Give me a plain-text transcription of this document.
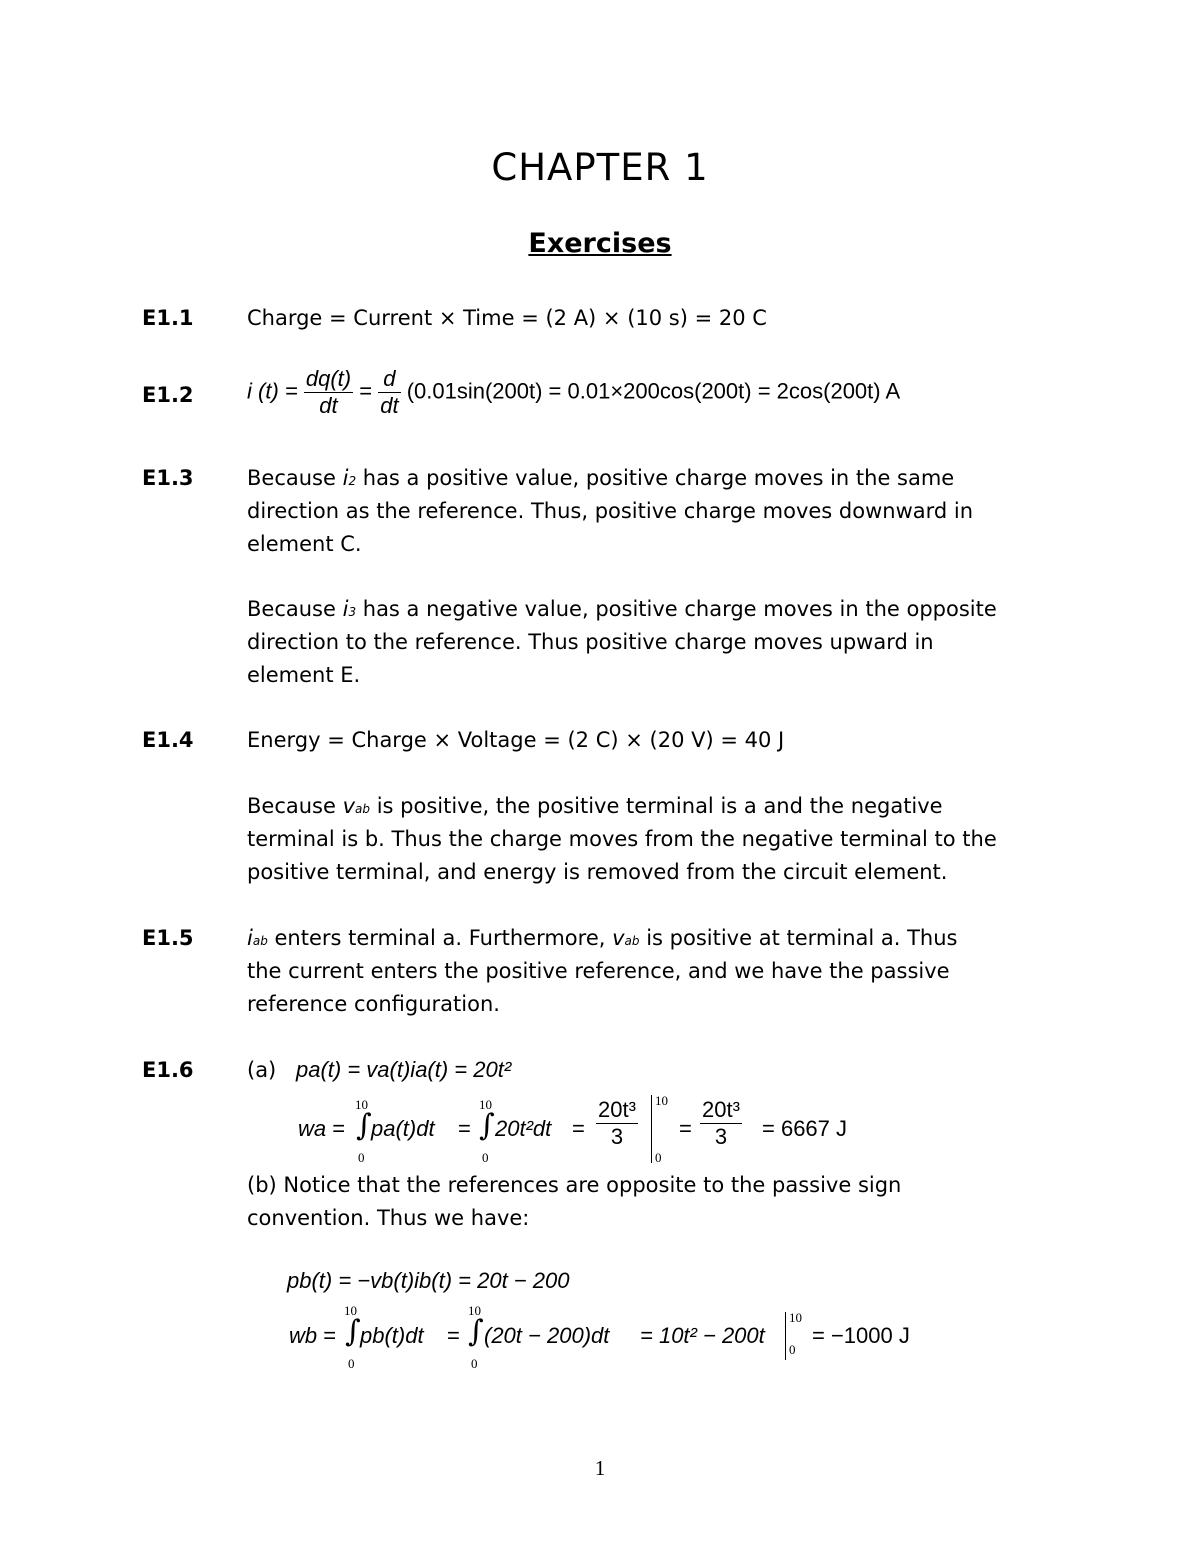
CHAPTER 1
Exercises
E1.1
E1.2
E1.3
E1.4
E1.5
E1.6
Charge = Current × Time = (2 A) × (10 s) = 20 C
i $(t) = \frac{dq(t)}{dt} = \frac{d}{dt} (0.01\sin(200t) = 0.01\times 200\cos(200t) = 2\cos(200t)$ A
Because i2 has a positive value, positive charge moves in the same
direction as the reference. Thus, positive charge moves downward in
element C.
Because i3 has a negative value, positive charge moves in the opposite
direction to the reference. Thus positive charge moves upward in
element E.
Energy = Charge × Voltage = (2 C) × (20 V) = 40 J
Because vab is positive, the positive terminal is a and the negative
terminal is b. Thus the charge moves from the negative terminal to the
positive terminal, and energy is removed from the circuit element.
iab enters terminal a. Furthermore, vab is positive at terminal a. Thus
the current enters the positive reference, and we have the passive
reference configuration.
(a) pa(t) = va(t)ia(t) = 20t²
wa =
10
∫
0
pa(t)dt =
10
∫
0
$20t^2dt = \frac{\text{20t³}}{3} 10$
0
= $\frac{\text{20t³}}{3} = 6667$ J
(b) Notice that the references are opposite to the passive sign
convention. Thus we have:
pb(t) = −vb(t)ib(t) = 20t − 200
wb =
10
∫
0
pb(t)dt =
10
∫
0
(20t − 200)dt = 10t² − 200t
10
0
= −1000 J
1
